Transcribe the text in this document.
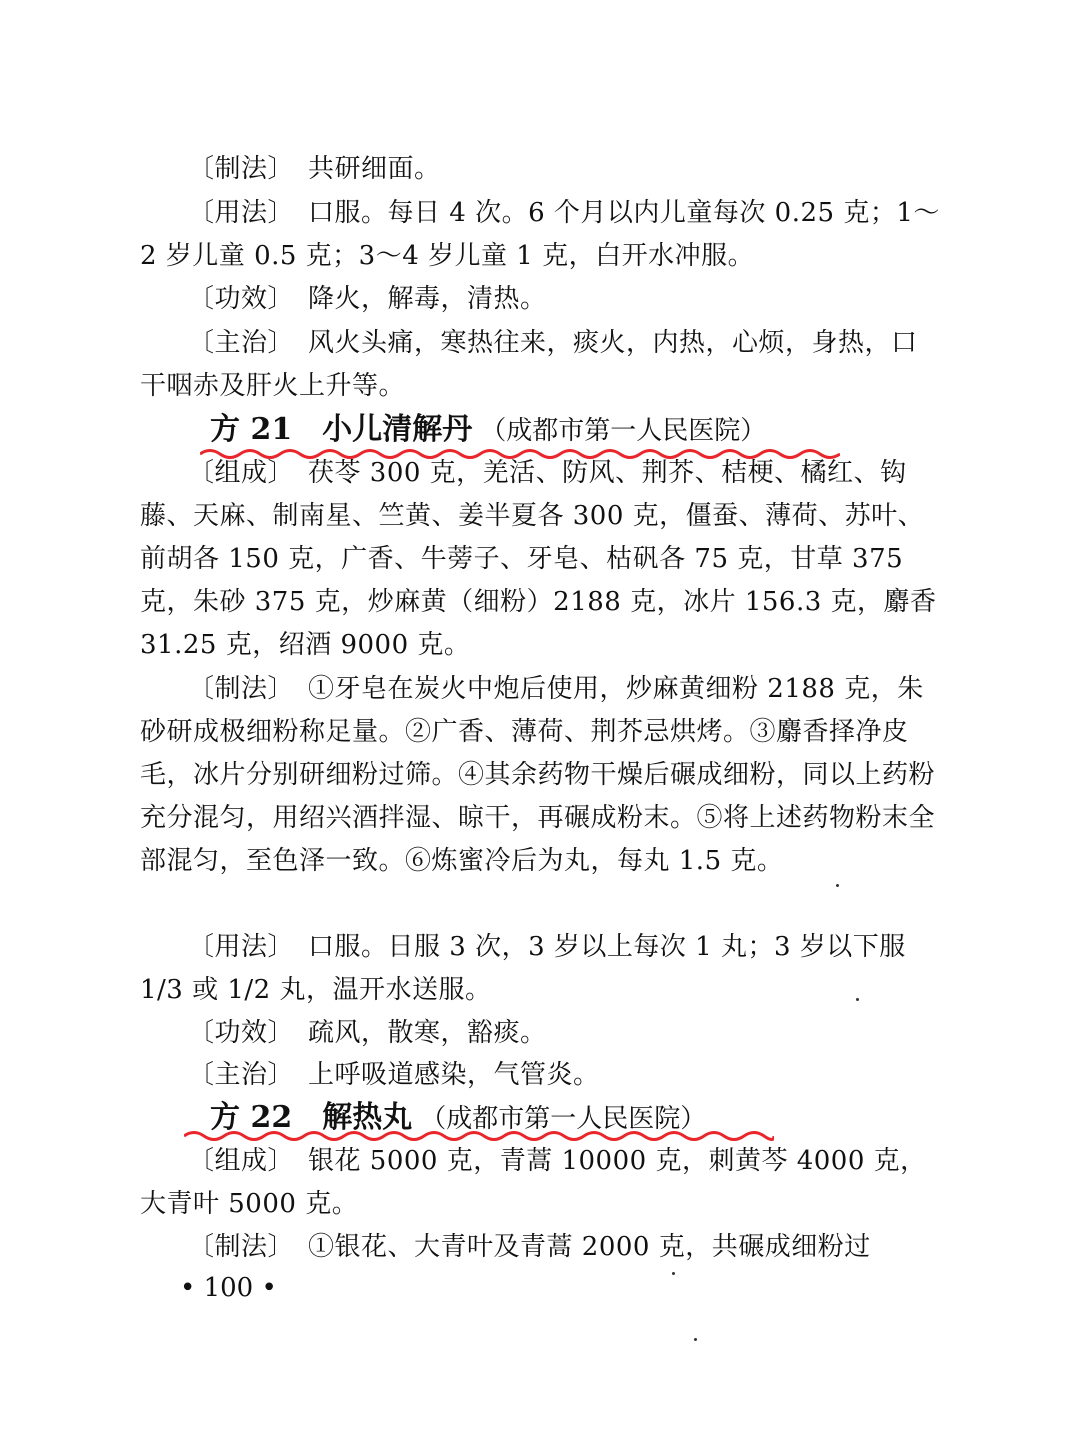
〔制法〕 共研细面。

〔用法〕 口服。每日 4 次。6 个月以内儿童每次 0.25 克；1～2 岁儿童 0.5 克；3～4 岁儿童 1 克，白开水冲服。

〔功效〕 降火，解毒，清热。

〔主治〕 风火头痛，寒热往来，痰火，内热，心烦，身热，口干咽赤及肝火上升等。

方 21 小儿清解丹 （成都市第一人民医院）

〔组成〕 茯苓 300 克，羌活、防风、荆芥、桔梗、橘红、钩藤、天麻、制南星、竺黄、姜半夏各 300 克，僵蚕、薄荷、苏叶、前胡各 150 克，广香、牛蒡子、牙皂、枯矾各 75 克，甘草 375 克，朱砂 375 克，炒麻黄（细粉）2188 克，冰片 156.3 克，麝香 31.25 克，绍酒 9000 克。

〔制法〕 ①牙皂在炭火中炮后使用，炒麻黄细粉 2188 克，朱砂研成极细粉称足量。②广香、薄荷、荆芥忌烘烤。③麝香择净皮毛，冰片分别研细粉过筛。④其余药物干燥后碾成细粉，同以上药粉充分混匀，用绍兴酒拌湿、晾干，再碾成粉末。⑤将上述药物粉末全部混匀，至色泽一致。⑥炼蜜冷后为丸，每丸 1.5 克。

〔用法〕 口服。日服 3 次，3 岁以上每次 1 丸；3 岁以下服 1/3 或 1/2 丸，温开水送服。

〔功效〕 疏风，散寒，豁痰。

〔主治〕 上呼吸道感染，气管炎。

方 22 解热丸 （成都市第一人民医院）

〔组成〕 银花 5000 克，青蒿 10000 克，刺黄芩 4000 克，大青叶 5000 克。

〔制法〕 ①银花、大青叶及青蒿 2000 克，共碾成细粉过

• 100 •
